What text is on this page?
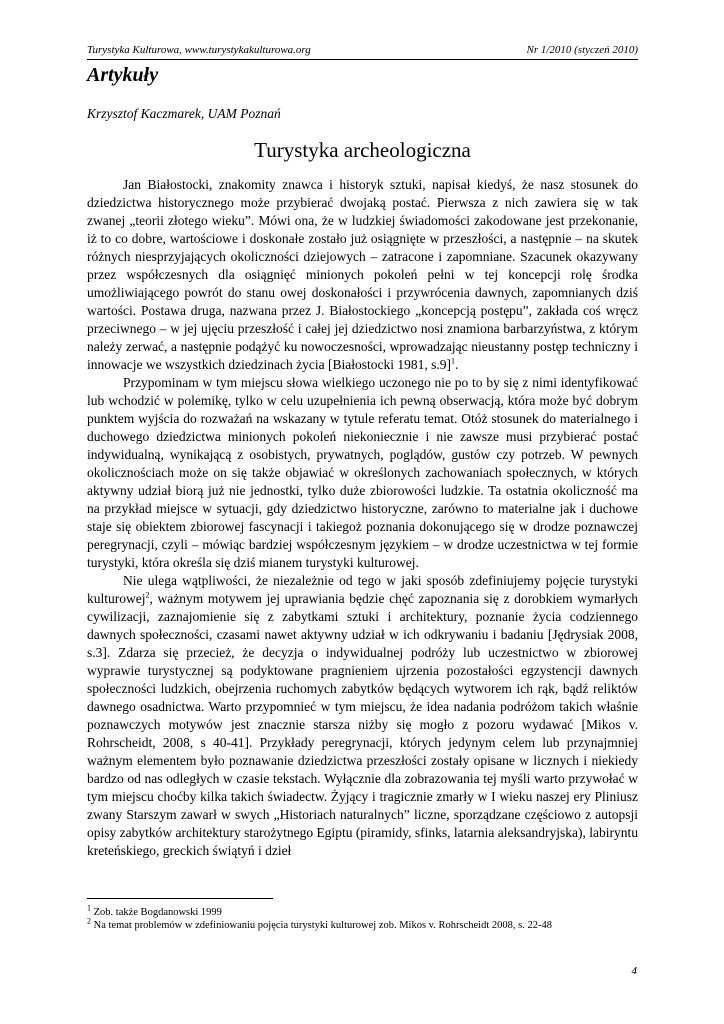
Turystyka Kulturowa, www.turystykakulturowa.org	Nr 1/2010 (styczeń 2010)
Artykuły
Krzysztof Kaczmarek, UAM Poznań
Turystyka archeologiczna

Jan Białostocki, znakomity znawca i historyk sztuki, napisał kiedyś, że nasz stosunek do dziedzictwa historycznego może przybierać dwojaką postać. Pierwsza z nich zawiera się w tak zwanej „teorii złotego wieku”. Mówi ona, że w ludzkiej świadomości zakodowane jest przekonanie, iż to co dobre, wartościowe i doskonałe zostało już osiągnięte w przeszłości, a następnie – na skutek różnych niesprzyjających okoliczności dziejowych – zatracone i zapomniane. Szacunek okazywany przez współczesnych dla osiągnięć minionych pokoleń pełni w tej koncepcji rolę środka umożliwiającego powrót do stanu owej doskonałości i przywrócenia dawnych, zapomnianych dziś wartości. Postawa druga, nazwana przez J. Białostockiego „koncepcją postępu”, zakłada coś wręcz przeciwnego – w jej ujęciu przeszłość i całej jej dziedzictwo nosi znamiona barbarzyństwa, z którym należy zerwać, a następnie podążyć ku nowoczesności, wprowadzając nieustanny postęp techniczny i innowacje we wszystkich dziedzinach życia [Białostocki 1981, s.9]$^1$.

Przypominam w tym miejscu słowa wielkiego uczonego nie po to by się z nimi identyfikować lub wchodzić w polemikę, tylko w celu uzupełnienia ich pewną obserwacją, która może być dobrym punktem wyjścia do rozważań na wskazany w tytule referatu temat. Otóż stosunek do materialnego i duchowego dziedzictwa minionych pokoleń niekoniecznie i nie zawsze musi przybierać postać indywidualną, wynikającą z osobistych, prywatnych, poglądów, gustów czy potrzeb. W pewnych okolicznościach może on się także objawiać w określonych zachowaniach społecznych, w których aktywny udział biorą już nie jednostki, tylko duże zbiorowości ludzkie. Ta ostatnia okoliczność ma na przykład miejsce w sytuacji, gdy dziedzictwo historyczne, zarówno to materialne jak i duchowe staje się obiektem zbiorowej fascynacji i takiegoż poznania dokonującego się w drodze poznawczej peregrynacji, czyli – mówiąc bardziej współczesnym językiem – w drodze uczestnictwa w tej formie turystyki, która określa się dziś mianem turystyki kulturowej.

Nie ulega wątpliwości, że niezależnie od tego w jaki sposób zdefiniujemy pojęcie turystyki kulturowej$^2$, ważnym motywem jej uprawiania będzie chęć zapoznania się z dorobkiem wymarłych cywilizacji, zaznajomienie się z zabytkami sztuki i architektury, poznanie życia codziennego dawnych społeczności, czasami nawet aktywny udział w ich odkrywaniu i badaniu [Jędrysiak 2008, s.3]. Zdarza się przecież, że decyzja o indywidualnej podróży lub uczestnictwo w zbiorowej wyprawie turystycznej są podyktowane pragnieniem ujrzenia pozostałości egzystencji dawnych społeczności ludzkich, obejrzenia ruchomych zabytków będących wytworem ich rąk, bądź reliktów dawnego osadnictwa. Warto przypomnieć w tym miejscu, że idea nadania podróżom takich właśnie poznawczych motywów jest znacznie starsza niżby się mogło z pozoru wydawać [Mikos v. Rohrscheidt, 2008, s 40-41]. Przykłady peregrynacji, których jedynym celem lub przynajmniej ważnym elementem było poznawanie dziedzictwa przeszłości zostały opisane w licznych i niekiedy bardzo od nas odległych w czasie tekstach. Wyłącznie dla zobrazowania tej myśli warto przywołać w tym miejscu choćby kilka takich świadectw. Żyjący i tragicznie zmarły w I wieku naszej ery Pliniusz zwany Starszym zawarł w swych „Historiach naturalnych” liczne, sporządzane częściowo z autopsji opisy zabytków architektury starożytnego Egiptu (piramidy, sfinks, latarnia aleksandryjska), labiryntu kreteńskiego, greckich świątyń i dzieł

$^1$ Zob. także Bogdanowski 1999
$^2$ Na temat problemów w zdefiniowaniu pojęcia turystyki kulturowej zob. Mikos v. Rohrscheidt 2008, s. 22-48
4
